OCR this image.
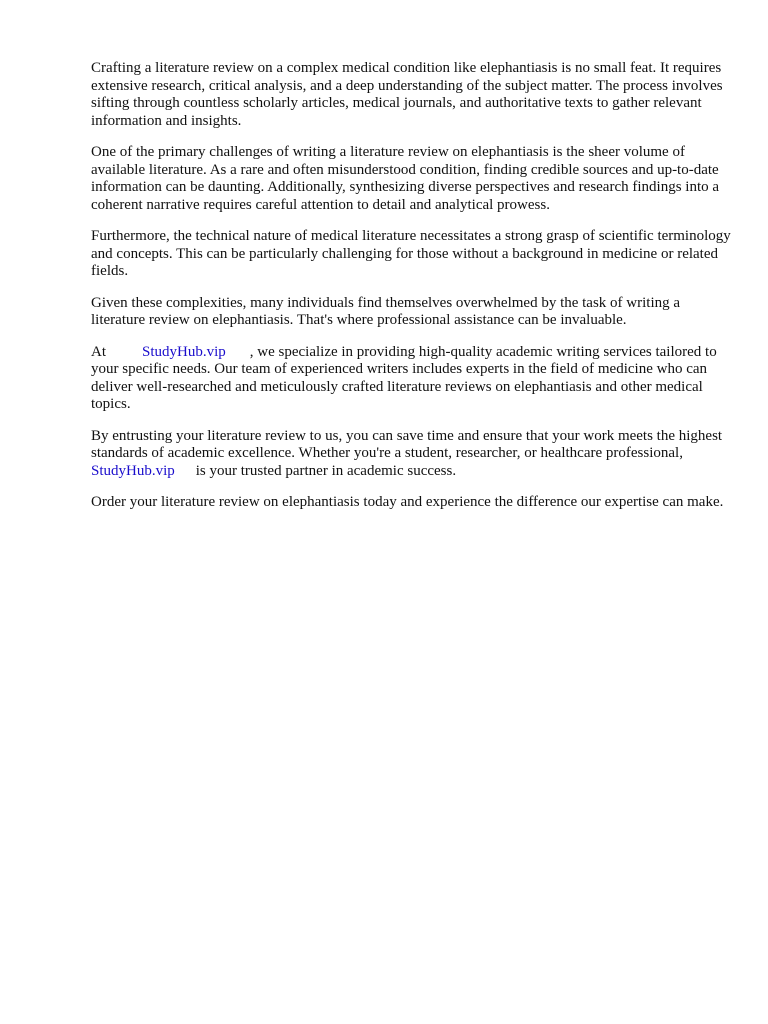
Crafting a literature review on a complex medical condition like elephantiasis is no small feat. It requires extensive research, critical analysis, and a deep understanding of the subject matter. The process involves sifting through countless scholarly articles, medical journals, and authoritative texts to gather relevant information and insights.

One of the primary challenges of writing a literature review on elephantiasis is the sheer volume of available literature. As a rare and often misunderstood condition, finding credible sources and up-to-date information can be daunting. Additionally, synthesizing diverse perspectives and research findings into a coherent narrative requires careful attention to detail and analytical prowess.

Furthermore, the technical nature of medical literature necessitates a strong grasp of scientific terminology and concepts. This can be particularly challenging for those without a background in medicine or related fields.

Given these complexities, many individuals find themselves overwhelmed by the task of writing a literature review on elephantiasis. That's where professional assistance can be invaluable.

At StudyHub.vip , we specialize in providing high-quality academic writing services tailored to your specific needs. Our team of experienced writers includes experts in the field of medicine who can deliver well-researched and meticulously crafted literature reviews on elephantiasis and other medical topics.

By entrusting your literature review to us, you can save time and ensure that your work meets the highest standards of academic excellence. Whether you're a student, researcher, or healthcare professional,StudyHub.vip is your trusted partner in academic success.

Order your literature review on elephantiasis today and experience the difference our expertise can make.
